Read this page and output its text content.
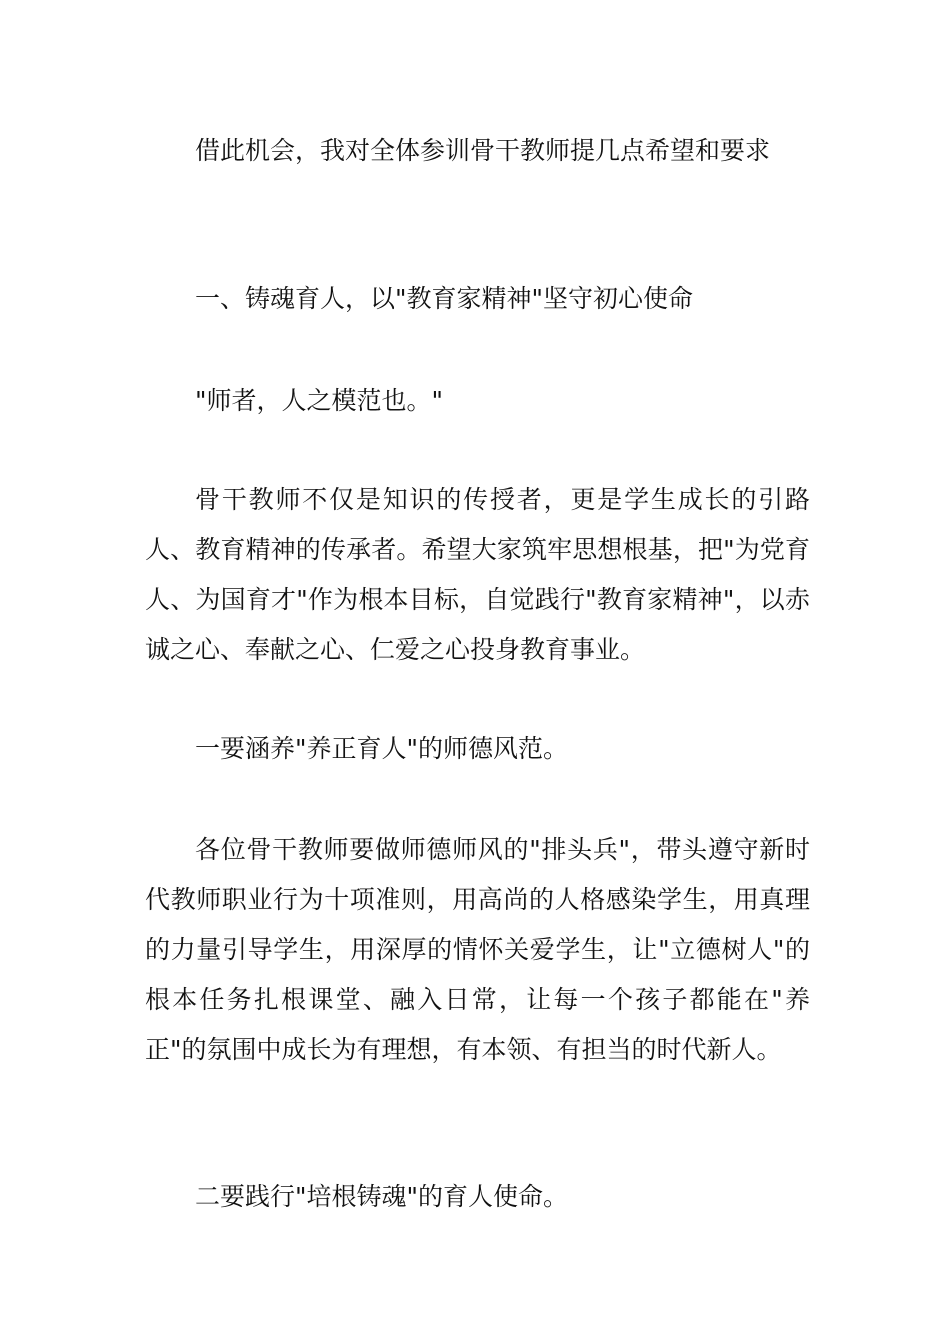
借此机会，我对全体参训骨干教师提几点希望和要求

一、铸魂育人，以"教育家精神"坚守初心使命

"师者，人之模范也。"

骨干教师不仅是知识的传授者，更是学生成长的引路人、教育精神的传承者。希望大家筑牢思想根基，把"为党育人、为国育才"作为根本目标，自觉践行"教育家精神"，以赤诚之心、奉献之心、仁爱之心投身教育事业。

一要涵养"养正育人"的师德风范。

各位骨干教师要做师德师风的"排头兵"，带头遵守新时代教师职业行为十项准则，用高尚的人格感染学生，用真理的力量引导学生，用深厚的情怀关爱学生，让"立德树人"的根本任务扎根课堂、融入日常，让每一个孩子都能在"养正"的氛围中成长为有理想，有本领、有担当的时代新人。

二要践行"培根铸魂"的育人使命。
